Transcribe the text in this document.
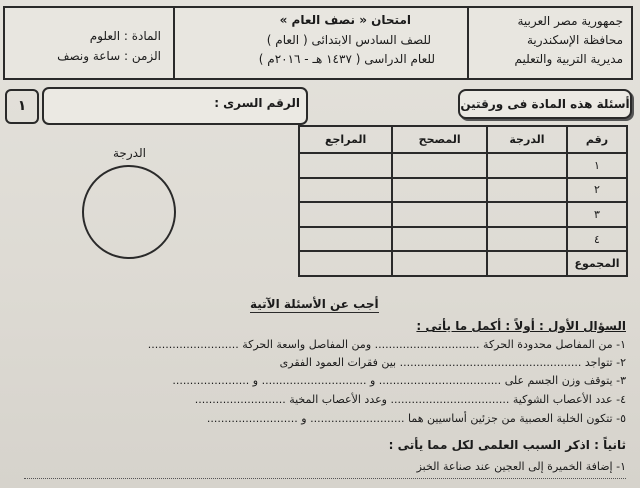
جمهورية مصر العربية
محافظة الإسكندرية
مديرية التربية والتعليم
امتحان « نصف العام »
للصف السادس الابتدائى ( العام )
للعام الدراسى ( ١٤٣٧ هـ - ٢٠١٦م )
المادة : العلوم
الزمن : ساعة ونصف
١	الرقم السرى :	أسئلة هذه المادة فى ورقتين
الدرجة
رقم	الدرجة	المصحح	المراجع
١			
٢			
٣			
٤			
المجموع			
أجب عن الأسئلة الآتية
السؤال الأول : أولاً : أكمل ما يأتى :
١- من المفاصل محدودة الحركة .............................. ومن المفاصل واسعة الحركة ..........................
٢- تتواجد .................................................... بين فقرات العمود الفقرى
٣- يتوقف وزن الجسم على ................................... و .............................. و ......................
٤- عدد الأعصاب الشوكية .................................. وعدد الأعصاب المخية ..........................
٥- تتكون الخلية العصبية من جزئين أساسيين هما ........................... و ..........................
ثانياً : اذكر السبب العلمى لكل مما يأتى :
١- إضافة الخميرة إلى العجين عند صناعة الخبز
